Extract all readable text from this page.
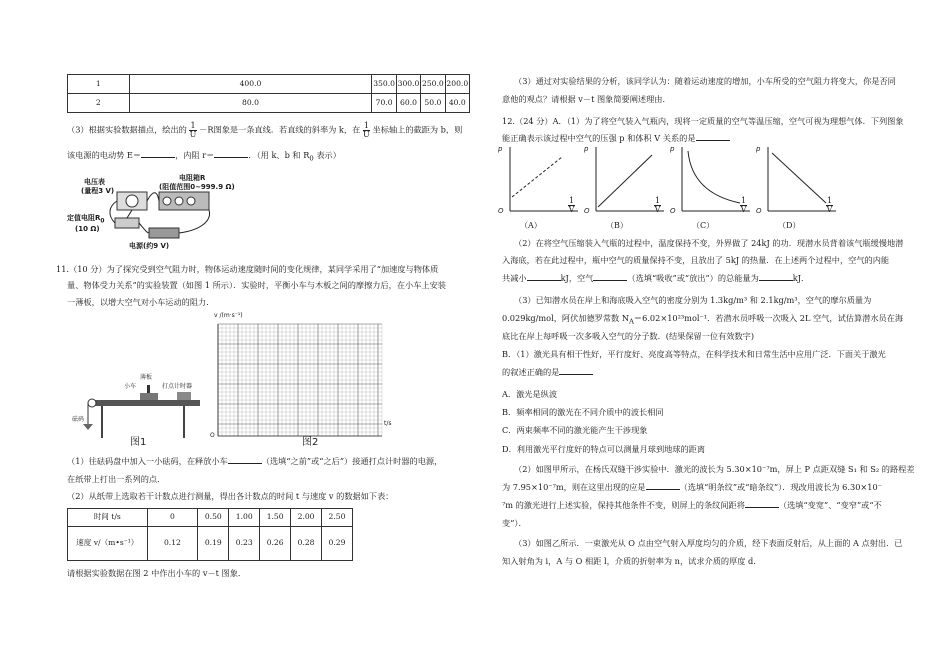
1	400.0	350.0	300.0	250.0	200.0
2	80.0	70.0	60.0	50.0	40.0
（3）根据实验数据描点，绘出的 $\frac{1}{U} -R$图象是一条直线．若直线的斜率为 k，在 $\frac{1}{U}$ 坐标轴上的截距为 b，则
该电源的电动势 E＝	，内阻 r＝	．（用 k、b 和 $R_0$ 表示）
电压表
(量程3 V)
电阻箱R
(阻值范围0~999.9 Ω)
定值电阻$R_0$
(10 Ω)
电源(约9 V)
11.（10 分）为了探究受到空气阻力时，物体运动速度随时间的变化规律，某同学采用了“加速度与物体质
量、物体受力关系”的实验装置（如图 1 所示）．实验时，平衡小车与木板之间的摩擦力后，在小车上安装
一薄板，以增大空气对小车运动的阻力．
薄板
小车	打点计时器
砝码
图1
v /(m·s⁻¹)
O
t/s
图2
（1）往砝码盘中加入一小砝码，在释放小车	（选填“之前”或“之后”）接通打点计时器的电源，
在纸带上打出一系列的点．
（2）从纸带上选取若干计数点进行测量，得出各计数点的时间 t 与速度 v 的数据如下表：
时间 t/s	0	0.50	1.00	1.50	2.00	2.50
速度 v/（m•s⁻¹）	0.12	0.19	0.23	0.26	0.28	0.29
请根据实验数据在图 2 中作出小车的 v－t 图象．
（3）通过对实验结果的分析，该同学认为：随着运动速度的增加，小车所受的空气阻力将变大，你是否同
意他的观点？请根据 v－t 图象简要阐述理由．
12.（24 分）A．（1）为了将空气装入气瓶内，现将一定质量的空气等温压缩，空气可视为理想气体．下列图象
能正确表示该过程中空气的压强 p 和体积 V 关系的是
p
O	$\frac{1}{V}$
（A）
p
O	$\frac{1}{V}$
（B）
p
O	$\frac{1}{V}$
（C）
p
O	$\frac{1}{V}$
（D）
（2）在将空气压缩装入气瓶的过程中，温度保持不变，外界做了 24kJ 的功．现潜水员背着该气瓶缓慢地潜
入海底，若在此过程中，瓶中空气的质量保持不变，且放出了 5kJ 的热量．在上述两个过程中，空气的内能
共减小	kJ，空气	（选填“吸收”或“放出”）的总能量为	kJ．
（3）已知潜水员在岸上和海底吸入空气的密度分别为 1.3kg/m³ 和 2.1kg/m³，空气的摩尔质量为
0.029kg/mol，阿伏加德罗常数 $N_A=6.02\times 10^{23}mol^{-1}$．若潜水员呼吸一次吸入 2L 空气，试估算潜水员在海
底比在岸上每呼吸一次多吸入空气的分子数．(结果保留一位有效数字)
B．（1）激光具有相干性好，平行度好、亮度高等特点，在科学技术和日常生活中应用广泛．下面关于激光
的叙述正确的是
A．激光是纵波
B．频率相同的激光在不同介质中的波长相同
C．两束频率不同的激光能产生干涉现象
D．利用激光平行度好的特点可以测量月球到地球的距离
（2）如图甲所示，在杨氏双缝干涉实验中．激光的波长为 5.30×10⁻⁷m，屏上 P 点距双缝 S₁ 和 S₂ 的路程差
为 7.95×10⁻⁷m，则在这里出现的应是	（选填“明条纹”或“暗条纹”）．现改用波长为 6.30×10⁻
⁷m 的激光进行上述实验，保持其他条件不变，则屏上的条纹间距将	（选填“变宽”、“变窄”或“不
变”）．
（3）如图乙所示．一束激光从 O 点由空气射入厚度均匀的介质，经下表面反射后，从上面的 A 点射出．已
知入射角为 i，A 与 O 相距 l，介质的折射率为 n，试求介质的厚度 d．
